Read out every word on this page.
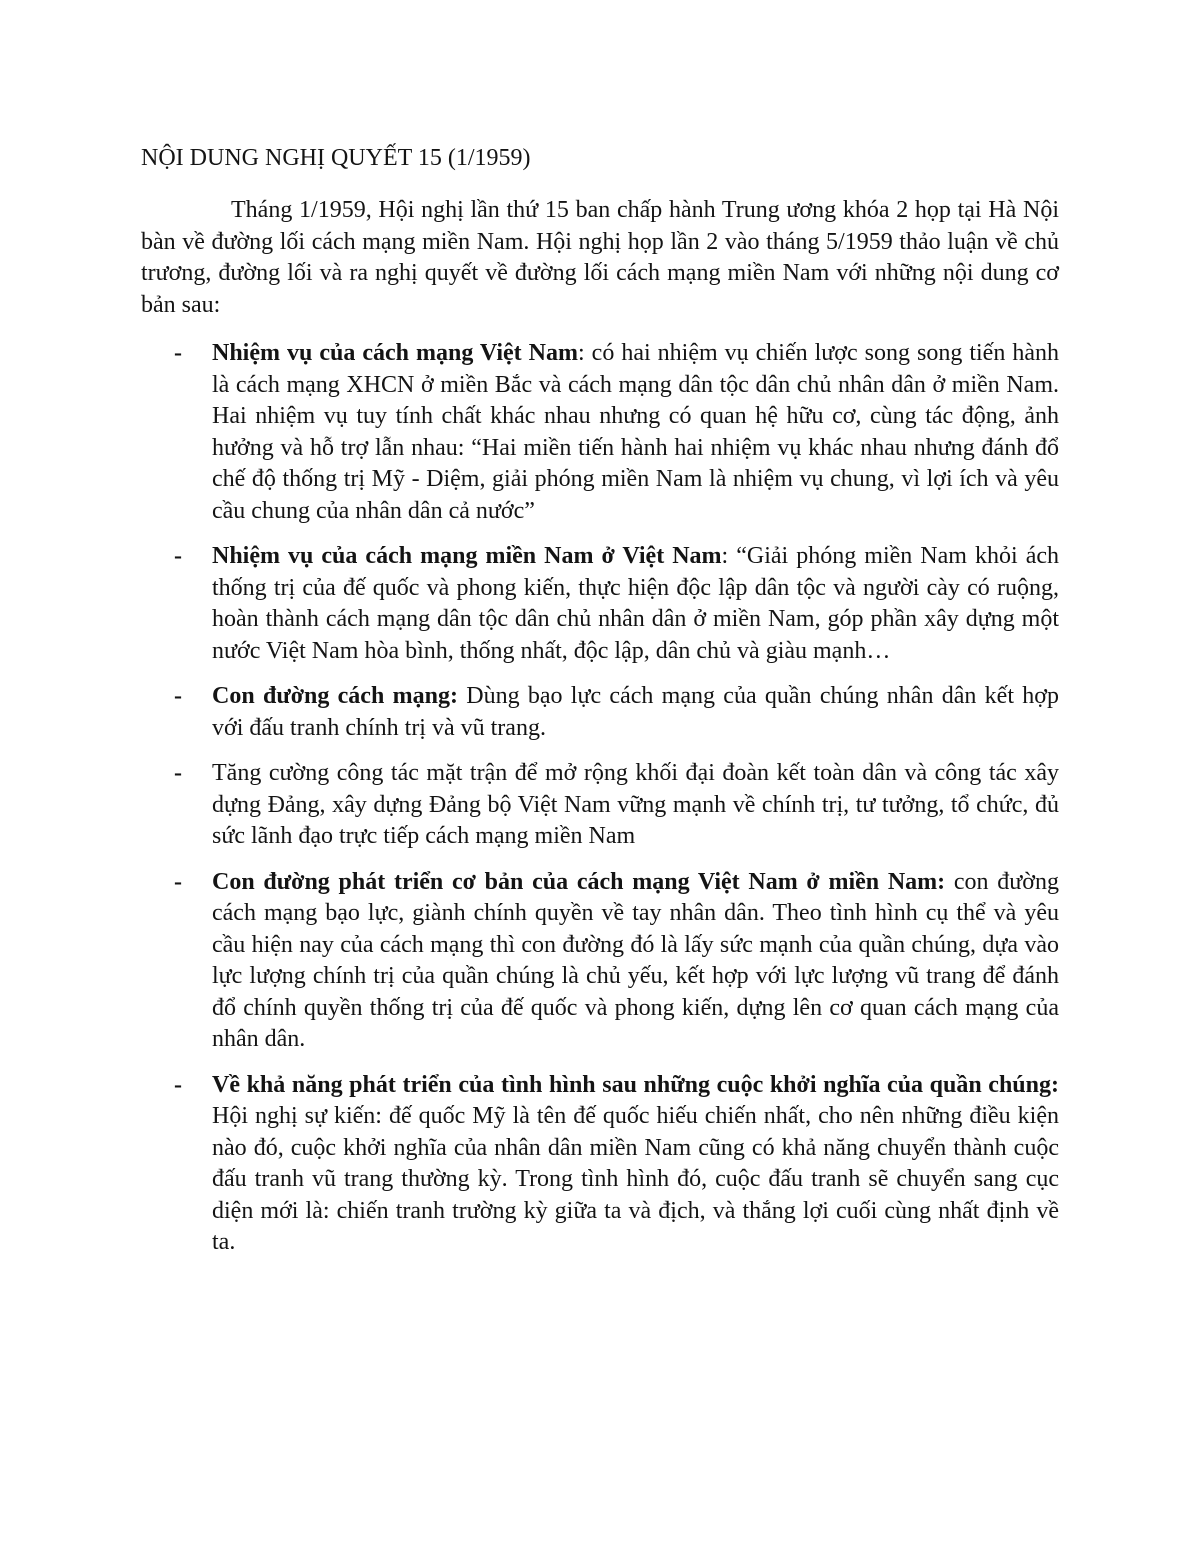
NỘI DUNG NGHỊ QUYẾT 15 (1/1959)

Tháng 1/1959, Hội nghị lần thứ 15 ban chấp hành Trung ương khóa 2 họp tại Hà Nội bàn về đường lối cách mạng miền Nam. Hội nghị họp lần 2 vào tháng 5/1959 thảo luận về chủ trương, đường lối và ra nghị quyết về đường lối cách mạng miền Nam với những nội dung cơ bản sau:

- Nhiệm vụ của cách mạng Việt Nam: có hai nhiệm vụ chiến lược song song tiến hành là cách mạng XHCN ở miền Bắc và cách mạng dân tộc dân chủ nhân dân ở miền Nam. Hai nhiệm vụ tuy tính chất khác nhau nhưng có quan hệ hữu cơ, cùng tác động, ảnh hưởng và hỗ trợ lẫn nhau: “Hai miền tiến hành hai nhiệm vụ khác nhau nhưng đánh đổ chế độ thống trị Mỹ - Diệm, giải phóng miền Nam là nhiệm vụ chung, vì lợi ích và yêu cầu chung của nhân dân cả nước”
- Nhiệm vụ của cách mạng miền Nam ở Việt Nam: “Giải phóng miền Nam khỏi ách thống trị của đế quốc và phong kiến, thực hiện độc lập dân tộc và người cày có ruộng, hoàn thành cách mạng dân tộc dân chủ nhân dân ở miền Nam, góp phần xây dựng một nước Việt Nam hòa bình, thống nhất, độc lập, dân chủ và giàu mạnh…
- Con đường cách mạng: Dùng bạo lực cách mạng của quần chúng nhân dân kết hợp với đấu tranh chính trị và vũ trang.
- Tăng cường công tác mặt trận để mở rộng khối đại đoàn kết toàn dân và công tác xây dựng Đảng, xây dựng Đảng bộ Việt Nam vững mạnh về chính trị, tư tưởng, tổ chức, đủ sức lãnh đạo trực tiếp cách mạng miền Nam
- Con đường phát triển cơ bản của cách mạng Việt Nam ở miền Nam: con đường cách mạng bạo lực, giành chính quyền về tay nhân dân. Theo tình hình cụ thể và yêu cầu hiện nay của cách mạng thì con đường đó là lấy sức mạnh của quần chúng, dựa vào lực lượng chính trị của quần chúng là chủ yếu, kết hợp với lực lượng vũ trang để đánh đổ chính quyền thống trị của đế quốc và phong kiến, dựng lên cơ quan cách mạng của nhân dân.
- Về khả năng phát triển của tình hình sau những cuộc khởi nghĩa của quần chúng: Hội nghị sự kiến: đế quốc Mỹ là tên đế quốc hiếu chiến nhất, cho nên những điều kiện nào đó, cuộc khởi nghĩa của nhân dân miền Nam cũng có khả năng chuyển thành cuộc đấu tranh vũ trang thường kỳ. Trong tình hình đó, cuộc đấu tranh sẽ chuyển sang cục diện mới là: chiến tranh trường kỳ giữa ta và địch, và thắng lợi cuối cùng nhất định về ta.
